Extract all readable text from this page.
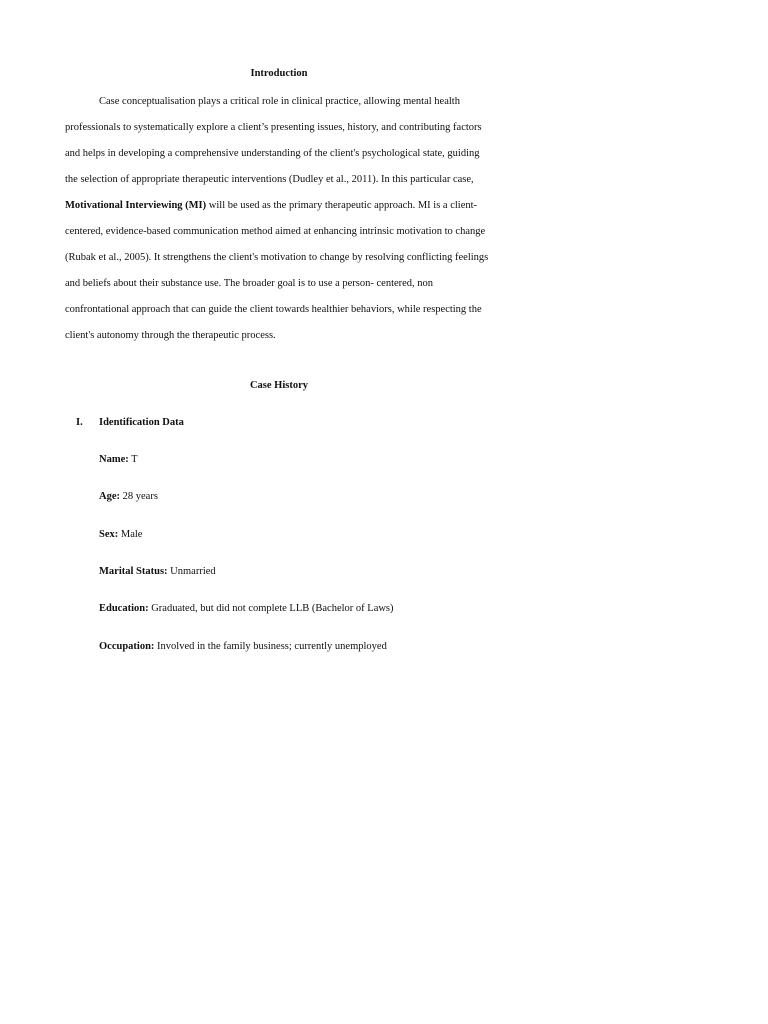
Introduction
Case conceptualisation plays a critical role in clinical practice, allowing mental health professionals to systematically explore a client’s presenting issues, history, and contributing factors and helps in developing a comprehensive understanding of the client's psychological state, guiding the selection of appropriate therapeutic interventions (Dudley et al., 2011). In this particular case, Motivational Interviewing (MI) will be used as the primary therapeutic approach. MI is a client-centered, evidence-based communication method aimed at enhancing intrinsic motivation to change (Rubak et al., 2005). It strengthens the client's motivation to change by resolving conflicting feelings and beliefs about their substance use. The broader goal is to use a person- centered, non confrontational approach that can guide the client towards healthier behaviors, while respecting the client's autonomy through the therapeutic process.
Case History
I. Identification Data
Name: T
Age: 28 years
Sex: Male
Marital Status: Unmarried
Education: Graduated, but did not complete LLB (Bachelor of Laws)
Occupation: Involved in the family business; currently unemployed
